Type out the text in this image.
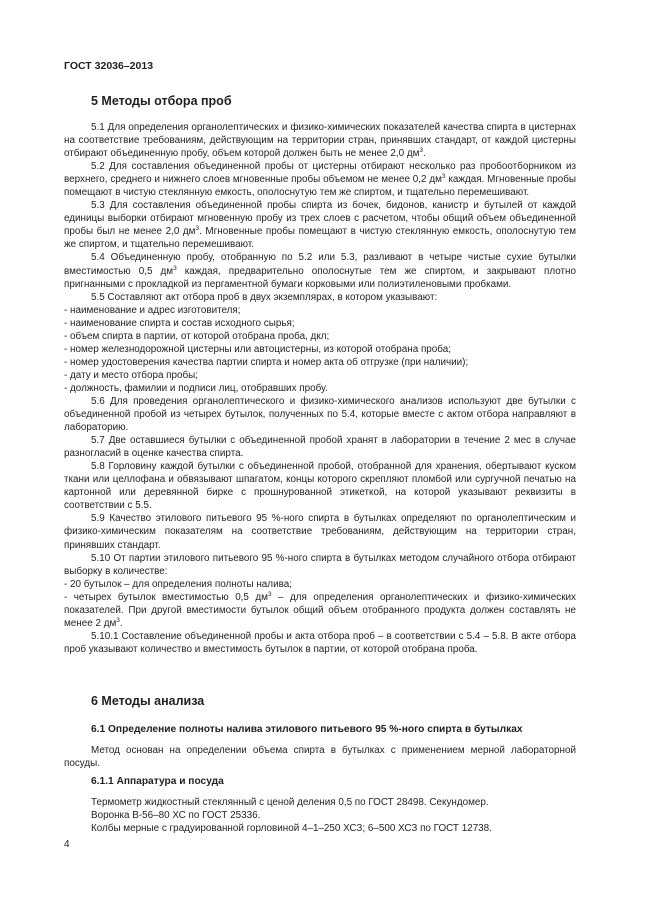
ГОСТ 32036–2013
5 Методы отбора проб

5.1 Для определения органолептических и физико-химических показателей качества спирта в цистернах на соответствие требованиям, действующим на территории стран, принявших стандарт, от каждой цистерны отбирают объединенную пробу, объем которой должен быть не менее 2,0 $дм^3$.

5.2 Для составления объединенной пробы от цистерны отбирают несколько раз пробоотборником из верхнего, среднего и нижнего слоев мгновенные пробы объемом не менее 0,2 $дм^3$ каждая. Мгновенные пробы помещают в чистую стеклянную емкость, ополоснутую тем же спиртом, и тщательно перемешивают.

5.3 Для составления объединенной пробы спирта из бочек, бидонов, канистр и бутылей от каждой единицы выборки отбирают мгновенную пробу из трех слоев с расчетом, чтобы общий объем объединенной пробы был не менее 2,0 $дм^3$. Мгновенные пробы помещают в чистую стеклянную емкость, ополоснутую тем же спиртом, и тщательно перемешивают.

5.4 Объединенную пробу, отобранную по 5.2 или 5.3, разливают в четыре чистые сухие бутылки вместимостью 0,5 $дм^3$ каждая, предварительно ополоснутые тем же спиртом, и закрывают плотно пригнанными с прокладкой из пергаментной бумаги корковыми или полиэтиленовыми пробками.

5.5 Составляют акт отбора проб в двух экземплярах, в котором указывают:

- наименование и адрес изготовителя;

- наименование спирта и состав исходного сырья;

- объем спирта в партии, от которой отобрана проба, дкл;

- номер железнодорожной цистерны или автоцистерны, из которой отобрана проба;

- номер удостоверения качества партии спирта и номер акта об отгрузке (при наличии);

- дату и место отбора пробы;

- должность, фамилии и подписи лиц, отобравших пробу.

5.6 Для проведения органолептического и физико-химического анализов используют две бутылки с объединенной пробой из четырех бутылок, полученных по 5.4, которые вместе с актом отбора направляют в лабораторию.

5.7 Две оставшиеся бутылки с объединенной пробой хранят в лаборатории в течение 2 мес в случае разногласий в оценке качества спирта.

5.8 Горловину каждой бутылки с объединенной пробой, отобранной для хранения, обертывают куском ткани или целлофана и обвязывают шпагатом, концы которого скрепляют пломбой или сургучной печатью на картонной или деревянной бирке с прошнурованной этикеткой, на которой указывают реквизиты в соответствии с 5.5.

5.9 Качество этилового питьевого 95 %-ного спирта в бутылках определяют по органолептическим и физико-химическим показателям на соответствие требованиям, действующим на территории стран, принявших стандарт.

5.10 От партии этилового питьевого 95 %-ного спирта в бутылках методом случайного отбора отбирают выборку в количестве:

- 20 бутылок – для определения полноты налива;

- четырех бутылок вместимостью 0,5 $дм^3$ – для определения органолептических и физико-химических показателей. При другой вместимости бутылок общий объем отобранного продукта должен составлять не менее 2 $дм^3$.

5.10.1 Составление объединенной пробы и акта отбора проб – в соответствии с 5.4 – 5.8. В акте отбора проб указывают количество и вместимость бутылок в партии, от которой отобрана проба.

6 Методы анализа
6.1 Определение полноты налива этилового питьевого 95 %-ного спирта в бутылках

Метод основан на определении объема спирта в бутылках с применением мерной лабораторной посуды.

6.1.1 Аппаратура и посуда

Термометр жидкостный стеклянный с ценой деления 0,5 по ГОСТ 28498. Секундомер.

Воронка В-56–80 ХС по ГОСТ 25336.

Колбы мерные с градуированной горловиной 4–1–250 ХСЗ; 6–500 ХСЗ по ГОСТ 12738.

4
